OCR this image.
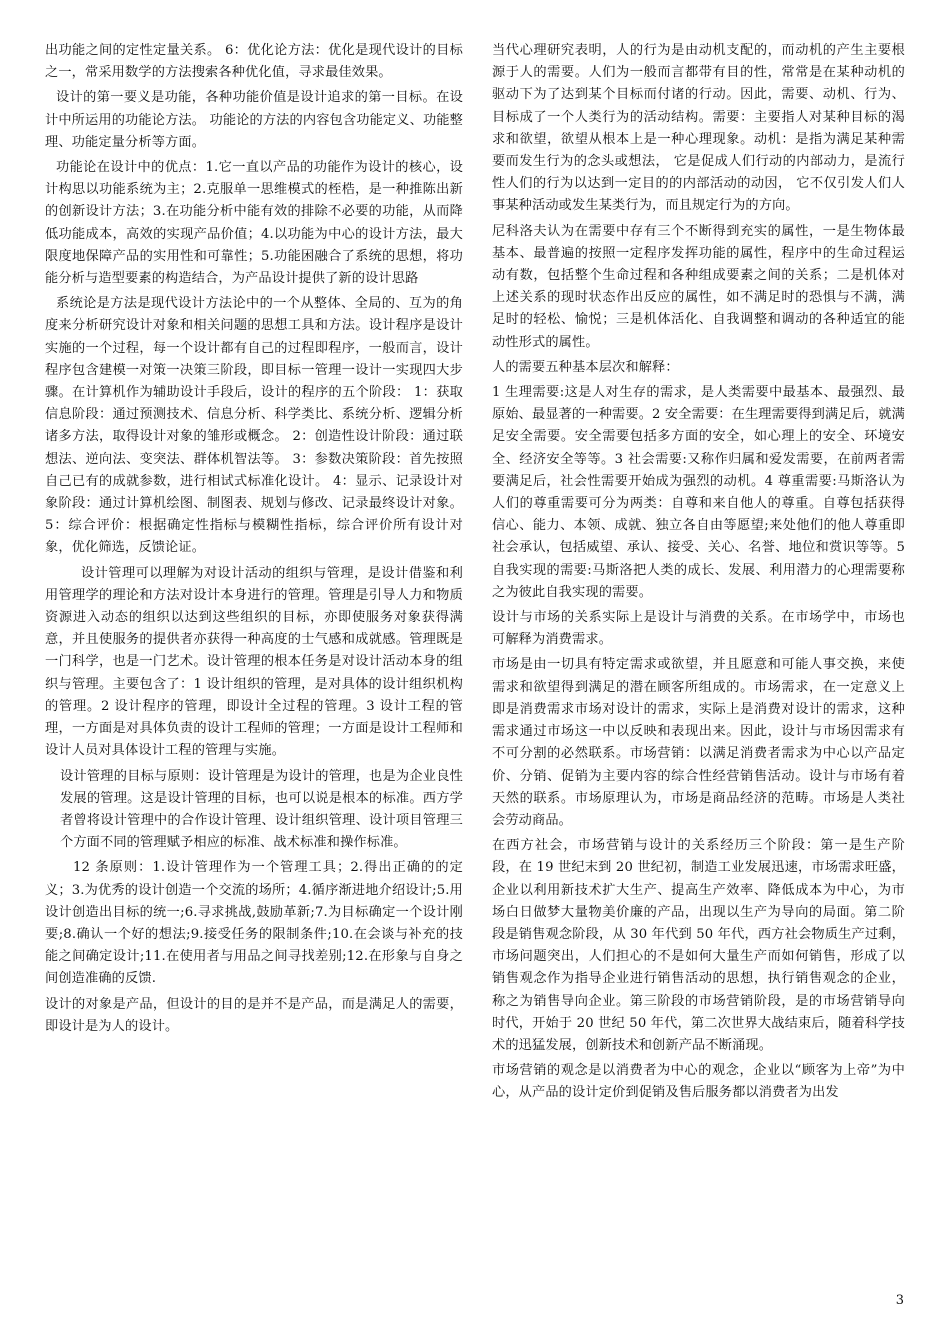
出功能之间的定性定量关系。 6：优化论方法：优化是现代设计的目标之一，常采用数学的方法搜索各种优化值，寻求最佳效果。

设计的第一要义是功能，各种功能价值是设计追求的第一目标。在设计中所运用的功能论方法。 功能论的方法的内容包含功能定义、功能整理、功能定量分析等方面。

功能论在设计中的优点：1.它一直以产品的功能作为设计的核心，设计构思以功能系统为主；2.克服单一思维模式的桎梏，是一种推陈出新的创新设计方法；3.在功能分析中能有效的排除不必要的功能，从而降低功能成本，高效的实现产品价值；4.以功能为中心的设计方法，最大限度地保障产品的实用性和可靠性；5.功能困融合了系统的思想，将功能分析与造型要素的构造结合，为产品设计提供了新的设计思路

系统论是方法是现代设计方法论中的一个从整体、全局的、互为的角度来分析研究设计对象和相关问题的思想工具和方法。设计程序是设计实施的一个过程，每一个设计都有自己的过程即程序，一般而言，设计程序包含建模一对策一决策三阶段，即目标一管理一设计一实现四大步骤。在计算机作为辅助设计手段后，设计的程序的五个阶段： 1：获取信息阶段：通过预测技术、信息分析、科学类比、系统分析、逻辑分析诸多方法，取得设计对象的雏形或概念。 2：创造性设计阶段：通过联想法、逆向法、变突法、群体机智法等。 3：参数决策阶段：首先按照自己已有的成就参数，进行相试式标准化设计。 4：显示、记录设计对象阶段：通过计算机绘图、制图表、规划与修改、记录最终设计对象。 5：综合评价：根据确定性指标与模糊性指标，综合评价所有设计对象，优化筛选，反馈论证。

设计管理可以理解为对设计活动的组织与管理，是设计借鉴和利用管理学的理论和方法对设计本身进行的管理。管理是引导人力和物质资源进入动态的组织以达到这些组织的目标，亦即使服务对象获得满意，并且使服务的提供者亦获得一种高度的士气感和成就感。管理既是一门科学，也是一门艺术。设计管理的根本任务是对设计活动本身的组织与管理。主要包含了：1 设计组织的管理，是对具体的设计组织机构的管理。2 设计程序的管理，即设计全过程的管理。3 设计工程的管理，一方面是对具体负责的设计工程师的管理；一方面是设计工程师和设计人员对具体设计工程的管理与实施。

设计管理的目标与原则：设计管理是为设计的管理，也是为企业良性发展的管理。这是设计管理的目标，也可以说是根本的标准。西方学者曾将设计管理中的合作设计管理、设计组织管理、设计项目管理三个方面不同的管理赋予相应的标准、战术标准和操作标准。

12 条原则：1.设计管理作为一个管理工具；2.得出正确的的定义；3.为优秀的设计创造一个交流的场所；4.循序渐进地介绍设计;5.用设计创造出目标的统一;6.寻求挑战,鼓励革新;7.为目标确定一个设计刚要;8.确认一个好的想法;9.接受任务的限制条件;10.在会谈与补充的技能之间确定设计;11.在使用者与用品之间寻找差别;12.在形象与自身之间创造准确的反馈.

设计的对象是产品，但设计的目的是并不是产品，而是满足人的需要，即设计是为人的设计。

当代心理研究表明，人的行为是由动机支配的，而动机的产生主要根源于人的需要。人们为一般而言都带有目的性，常常是在某种动机的驱动下为了达到某个目标而付诸的行动。因此，需要、动机、行为、目标成了一个人类行为的活动结构。需要：主要指人对某种目标的渴求和欲望，欲望从根本上是一种心理现象。动机：是指为满足某种需要而发生行为的念头或想法， 它是促成人们行动的内部动力，是流行性人们的行为以达到一定目的的内部活动的动因， 它不仅引发人们人事某种活动或发生某类行为，而且规定行为的方向。

尼科洛夫认为在需要中存有三个不断得到充实的属性，一是生物体最基本、最普遍的按照一定程序发挥功能的属性，程序中的生命过程运动有数，包括整个生命过程和各种组成要素之间的关系；二是机体对上述关系的现时状态作出反应的属性，如不满足时的恐惧与不满，满足时的轻松、愉悦；三是机体活化、自我调整和调动的各种适宜的能动性形式的属性。

人的需要五种基本层次和解释：

1 生理需要:这是人对生存的需求，是人类需要中最基本、最强烈、最原始、最显著的一种需要。2 安全需要：在生理需要得到满足后，就满足安全需要。安全需要包括多方面的安全，如心理上的安全、环境安全、经济安全等等。3 社会需要:又称作归属和爱发需要，在前两者需要满足后，社会性需要开始成为强烈的动机。4 尊重需要:马斯洛认为人们的尊重需要可分为两类：自尊和来自他人的尊重。自尊包括获得信心、能力、本领、成就、独立各自由等愿望;来处他们的他人尊重即社会承认，包括威望、承认、接受、关心、名誉、地位和赏识等等。5 自我实现的需要:马斯洛把人类的成长、发展、利用潜力的心理需要称之为彼此自我实现的需要。

设计与市场的关系实际上是设计与消费的关系。在市场学中，市场也可解释为消费需求。

市场是由一切具有特定需求或欲望，并且愿意和可能人事交换，来使需求和欲望得到满足的潜在顾客所组成的。市场需求，在一定意义上即是消费需求市场对设计的需求，实际上是消费对设计的需求，这种需求通过市场这一中以反映和表现出来。因此，设计与市场因需求有不可分割的必然联系。市场营销：以满足消费者需求为中心以产品定价、分销、促销为主要内容的综合性经营销售活动。设计与市场有着天然的联系。市场原理认为，市场是商品经济的范畴。市场是人类社会劳动商品。

在西方社会，市场营销与设计的关系经历三个阶段：第一是生产阶段，在 19 世纪末到 20 世纪初，制造工业发展迅速，市场需求旺盛，企业以利用新技术扩大生产、提高生产效率、降低成本为中心，为市场白日做梦大量物美价廉的产品，出现以生产为导向的局面。第二阶段是销售观念阶段，从 30 年代到 50 年代，西方社会物质生产过剩，市场问题突出，人们担心的不是如何大量生产而如何销售，形成了以销售观念作为指导企业进行销售活动的思想，执行销售观念的企业，称之为销售导向企业。第三阶段的市场营销阶段，是的市场营销导向时代，开始于 20 世纪 50 年代，第二次世界大战结束后，随着科学技术的迅猛发展，创新技术和创新产品不断涌现。

市场营销的观念是以消费者为中心的观念，企业以“顾客为上帝”为中心，从产品的设计定价到促销及售后服务都以消费者为出发

3
